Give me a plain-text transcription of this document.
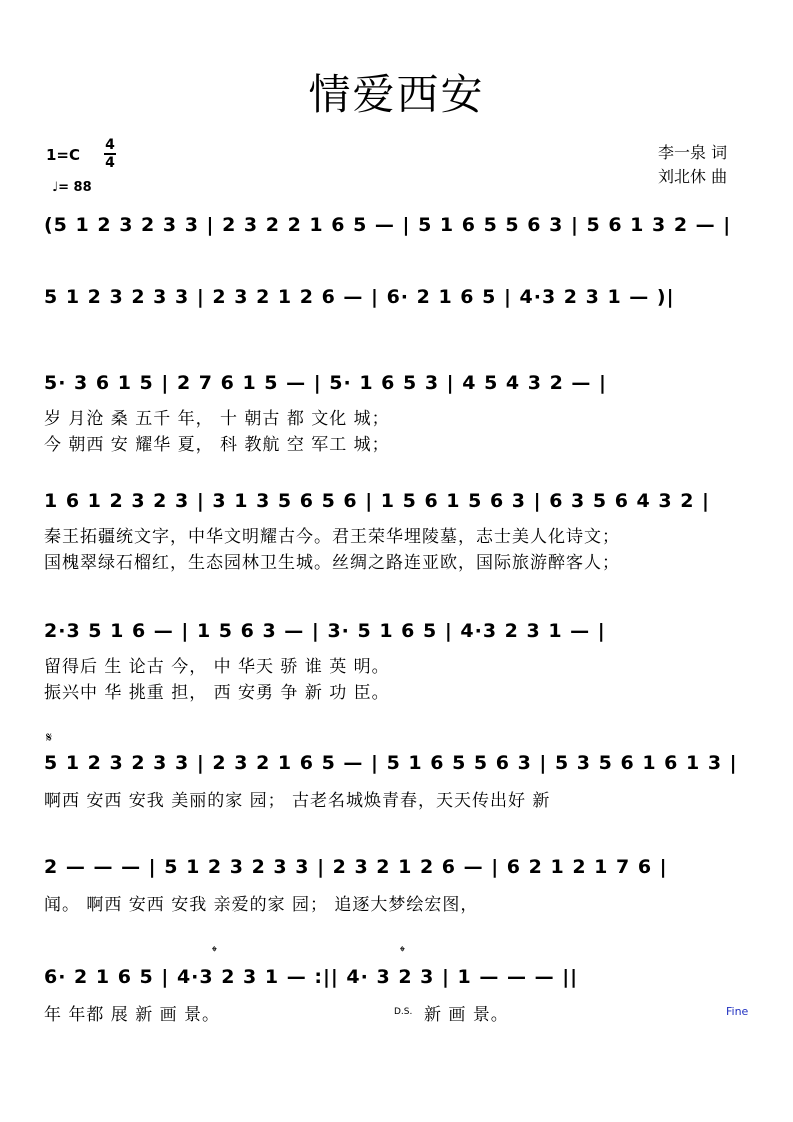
情爱西安
1=C
4
4
♩= 88
李一泉 词
刘北休 曲
(5 1 2 3 2 3 3 | 2 3 2 2 1 6 5 — | 5 1 6 5 5 6 3 | 5 6 1 3 2 — |
5 1 2 3 2 3 3 | 2 3 2 1 2 6 — | 6· 2 1 6 5 | 4·3 2 3 1 — )|
5· 3 6 1 5 | 2 7 6 1 5 — | 5· 1 6 5 3 | 4 5 4 3 2 — |
岁 月沧 桑 五千 年， 十 朝古 都 文化 城；
今 朝西 安 耀华 夏， 科 教航 空 军工 城；
1 6 1 2 3 2 3 | 3 1 3 5 6 5 6 | 1 5 6 1 5 6 3 | 6 3 5 6 4 3 2 |
秦王拓疆统文字，中华文明耀古今。君王荣华埋陵墓，志士美人化诗文；
国槐翠绿石榴红，生态园林卫生城。丝绸之路连亚欧，国际旅游醉客人；
2·3 5 1 6 — | 1 5 6 3 — | 3· 5 1 6 5 | 4·3 2 3 1 — |
留得后 生 论古 今， 中 华天 骄 谁 英 明。
振兴中 华 挑重 担， 西 安勇 争 新 功 臣。
𝄋
5 1 2 3 2 3 3 | 2 3 2 1 6 5 — | 5 1 6 5 5 6 3 | 5 3 5 6 1 6 1 3 |
啊西 安西 安我 美丽的家 园； 古老名城焕青春，天天传出好 新
2 — — — | 5 1 2 3 2 3 3 | 2 3 2 1 2 6 — | 6 2 1 2 1 7 6 |
闻。 啊西 安西 安我 亲爱的家 园； 追逐大梦绘宏图，
𝄌	𝄌
6· 2 1 6 5 | 4·3 2 3 1 — :|| 4· 3 2 3 | 1 — — — ||
年 年都 展 新 画 景。	D.S. 新 画 景。	Fine
